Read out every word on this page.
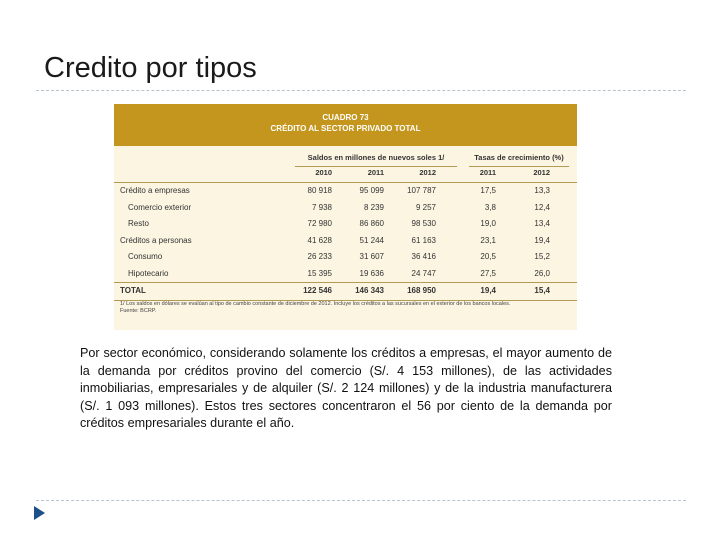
Credito por tipos
CUADRO 73
CRÉDITO AL SECTOR PRIVADO TOTAL
Saldos en millones de nuevos soles 1/	Tasas de crecimiento (%)
2010	2011	2012	2011	2012
Crédito a empresas	80 918	95 099	107 787	17,5	13,3
Comercio exterior	7 938	8 239	9 257	3,8	12,4
Resto	72 980	86 860	98 530	19,0	13,4
Créditos a personas	41 628	51 244	61 163	23,1	19,4
Consumo	26 233	31 607	36 416	20,5	15,2
Hipotecario	15 395	19 636	24 747	27,5	26,0
TOTAL	122 546	146 343	168 950	19,4	15,4
1/ Los saldos en dólares se evalúan al tipo de cambio constante de diciembre de 2012. Incluye los créditos a las sucursales en el exterior de los bancos locales.
Fuente: BCRP.
Por sector económico, considerando solamente los créditos a empresas, el mayor aumento de la demanda por créditos provino del comercio (S/. 4 153 millones), de las actividades inmobiliarias, empresariales y de alquiler (S/. 2 124 millones) y de la industria manufacturera (S/. 1 093 millones). Estos tres sectores concentraron el 56 por ciento de la demanda por créditos empresariales durante el año.
